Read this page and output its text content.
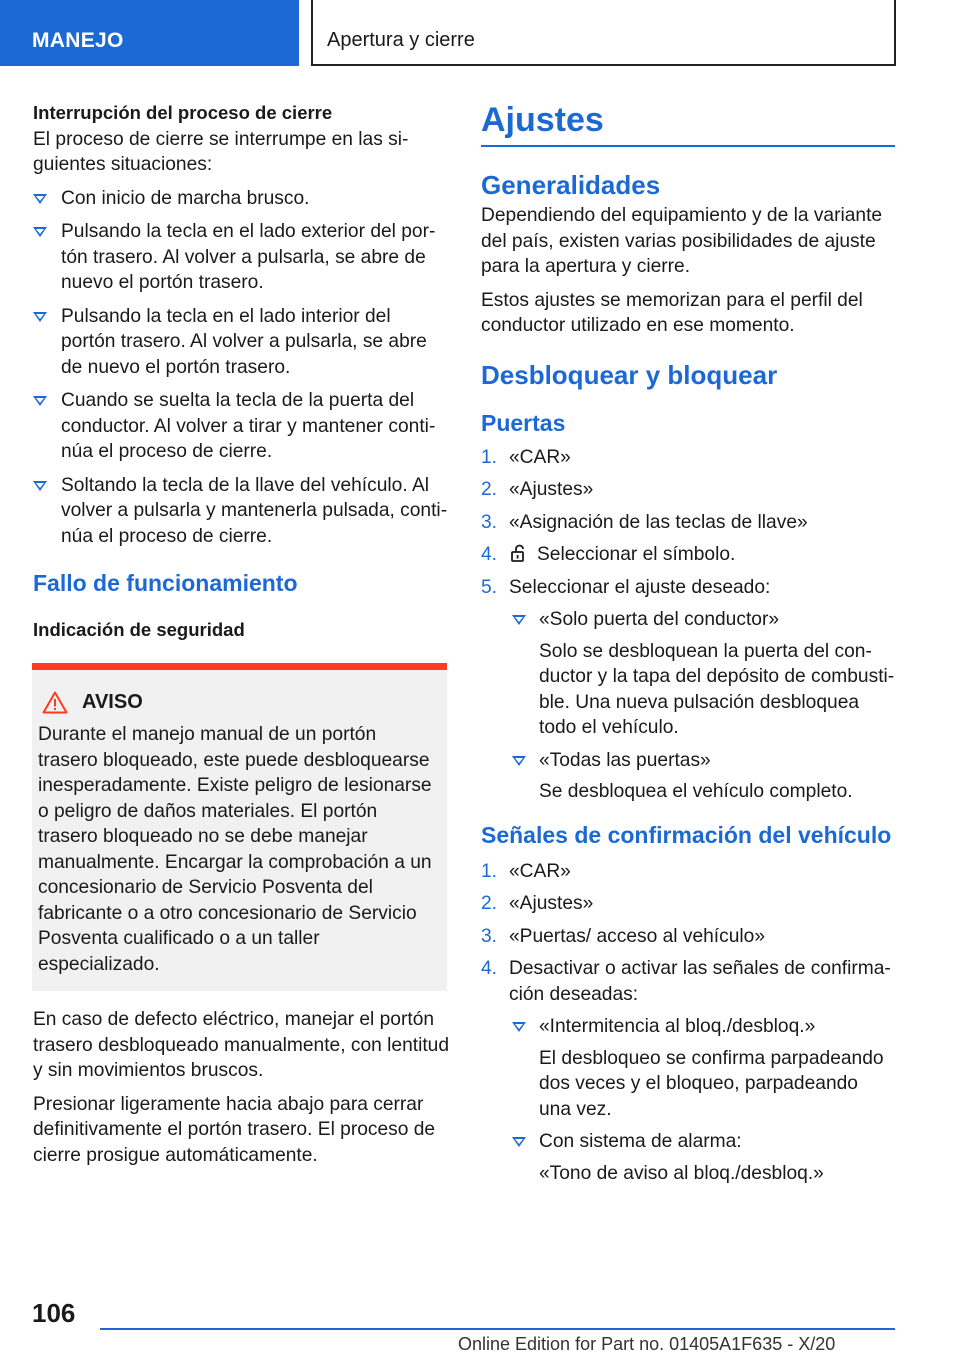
MANEJO	Apertura y cierre
Interrupción del proceso de cierre

El proceso de cierre se interrumpe en las siguientes situaciones:

Con inicio de marcha brusco.
Pulsando la tecla en el lado exterior del portón trasero. Al volver a pulsarla, se abre de nuevo el portón trasero.
Pulsando la tecla en el lado interior del portón trasero. Al volver a pulsarla, se abre de nuevo el portón trasero.
Cuando se suelta la tecla de la puerta del conductor. Al volver a tirar y mantener continúa el proceso de cierre.
Soltando la tecla de la llave del vehículo. Al volver a pulsarla y mantenerla pulsada, continúa el proceso de cierre.
Fallo de funcionamiento
Indicación de seguridad
AVISO

Durante el manejo manual de un portón trasero bloqueado, este puede desbloquearse inesperadamente. Existe peligro de lesionarse o peligro de daños materiales. El portón trasero bloqueado no se debe manejar manualmente. Encargar la comprobación a un concesionario de Servicio Posventa del fabricante o a otro concesionario de Servicio Posventa cualificado o a un taller especializado.

En caso de defecto eléctrico, manejar el portón trasero desbloqueado manualmente, con lentitud y sin movimientos bruscos.

Presionar ligeramente hacia abajo para cerrar definitivamente el portón trasero. El proceso de cierre prosigue automáticamente.

Ajustes
Generalidades

Dependiendo del equipamiento y de la variante del país, existen varias posibilidades de ajuste para la apertura y cierre.

Estos ajustes se memorizan para el perfil del conductor utilizado en ese momento.

Desbloquear y bloquear
Puertas
1. «CAR»
2. «Ajustes»
3. «Asignación de las teclas de llave»
4. Seleccionar el símbolo.
5. Seleccionar el ajuste deseado:
«Solo puerta del conductor»
Solo se desbloquean la puerta del conductor y la tapa del depósito de combustible. Una nueva pulsación desbloquea todo el vehículo.
«Todas las puertas»
Se desbloquea el vehículo completo.
Señales de confirmación del vehículo
1. «CAR»
2. «Ajustes»
3. «Puertas/ acceso al vehículo»
4. Desactivar o activar las señales de confirmación deseadas:
«Intermitencia al bloq./desbloq.»
El desbloqueo se confirma parpadeando dos veces y el bloqueo, parpadeando una vez.
Con sistema de alarma:
«Tono de aviso al bloq./desbloq.»
106
Online Edition for Part no. 01405A1F635 - X/20
